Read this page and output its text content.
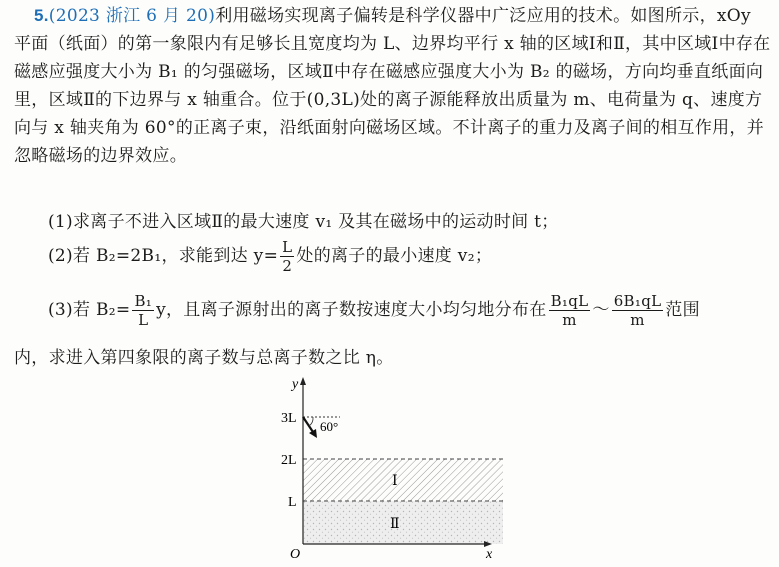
5.(2023 浙江 6 月 20)利用磁场实现离子偏转是科学仪器中广泛应用的技术。如图所示，xOy 平面（纸面）的第一象限内有足够长且宽度均为 L、边界均平行 x 轴的区域Ⅰ和Ⅱ，其中区域Ⅰ中存在磁感应强度大小为 B₁ 的匀强磁场，区域Ⅱ中存在磁感应强度大小为 B₂ 的磁场，方向均垂直纸面向里，区域Ⅱ的下边界与 x 轴重合。位于(0,3L)处的离子源能释放出质量为 m、电荷量为 q、速度方向与 x 轴夹角为 60°的正离子束，沿纸面射向磁场区域。不计离子的重力及离子间的相互作用，并忽略磁场的边界效应。
(1)求离子不进入区域Ⅱ的最大速度 v₁ 及其在磁场中的运动时间 t；
(2)若 B₂=2B₁，求能到达 $y= \frac{L}{2}$ 处的离子的最小速度 v₂；
(3)若 $B_2= \frac{\text{B₁}}{L}$ y，且离子源射出的离子数按速度大小均匀地分布在 $\frac{\text{B₁qL}}{m}$ ～ $\frac{\text{6B₁qL}}{m}$ 范围
内，求进入第四象限的离子数与总离子数之比 η。
y
x
O
3L
2L
L
60°
Ⅰ
Ⅱ
